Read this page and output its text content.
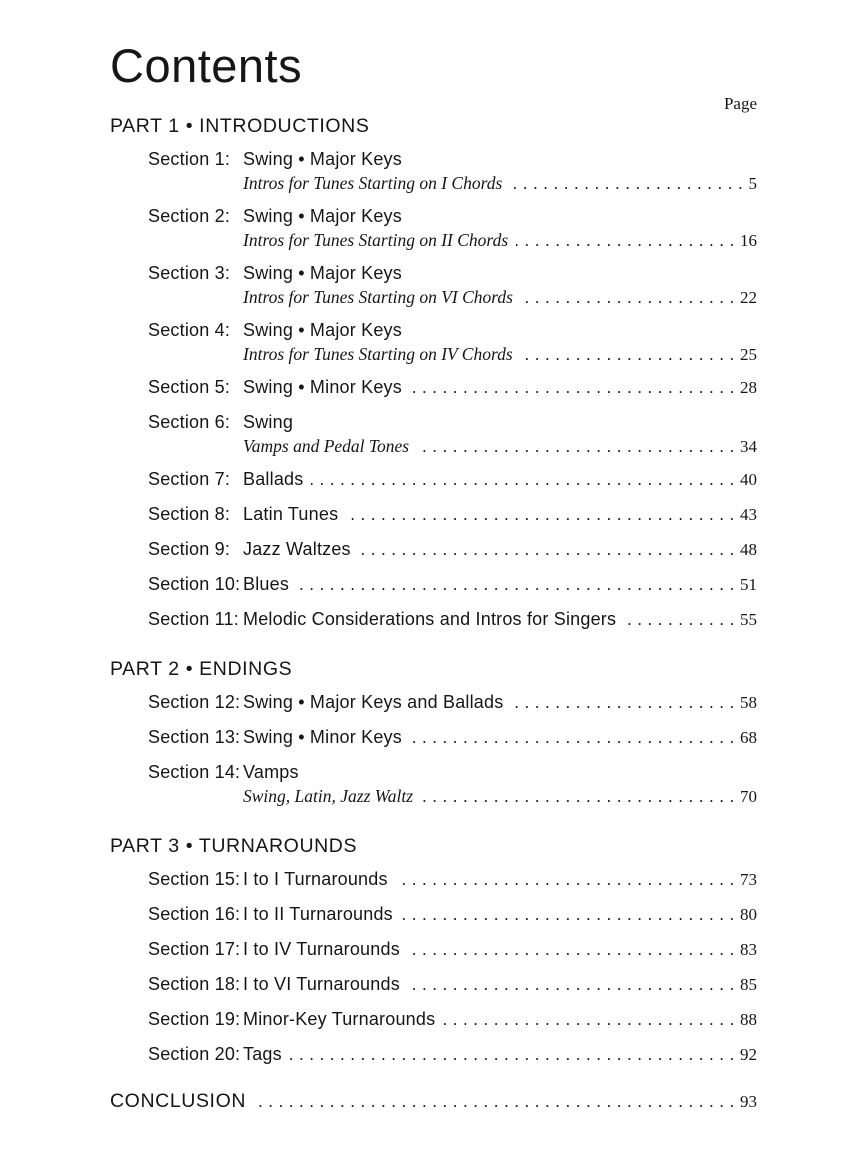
Contents
Page
PART 1 • INTRODUCTIONS
Section 1: Swing • Major Keys
Intros for Tunes Starting on I Chords .....	5
Section 2: Swing • Major Keys
Intros for Tunes Starting on II Chords .....	16
Section 3: Swing • Major Keys
Intros for Tunes Starting on VI Chords .....	22
Section 4: Swing • Major Keys
Intros for Tunes Starting on IV Chords .....	25
Section 5: Swing • Minor Keys .....	28
Section 6: Swing
Vamps and Pedal Tones .....	34
Section 7: Ballads .....	40
Section 8: Latin Tunes .....	43
Section 9: Jazz Waltzes .....	48
Section 10: Blues .....	51
Section 11: Melodic Considerations and Intros for Singers .....	55
PART 2 • ENDINGS
Section 12: Swing • Major Keys and Ballads .....	58
Section 13: Swing • Minor Keys .....	68
Section 14: Vamps
Swing, Latin, Jazz Waltz .....	70
PART 3 • TURNAROUNDS
Section 15: I to I Turnarounds .....	73
Section 16: I to II Turnarounds .....	80
Section 17: I to IV Turnarounds .....	83
Section 18: I to VI Turnarounds .....	85
Section 19: Minor-Key Turnarounds .....	88
Section 20: Tags .....	92
CONCLUSION .....	93
